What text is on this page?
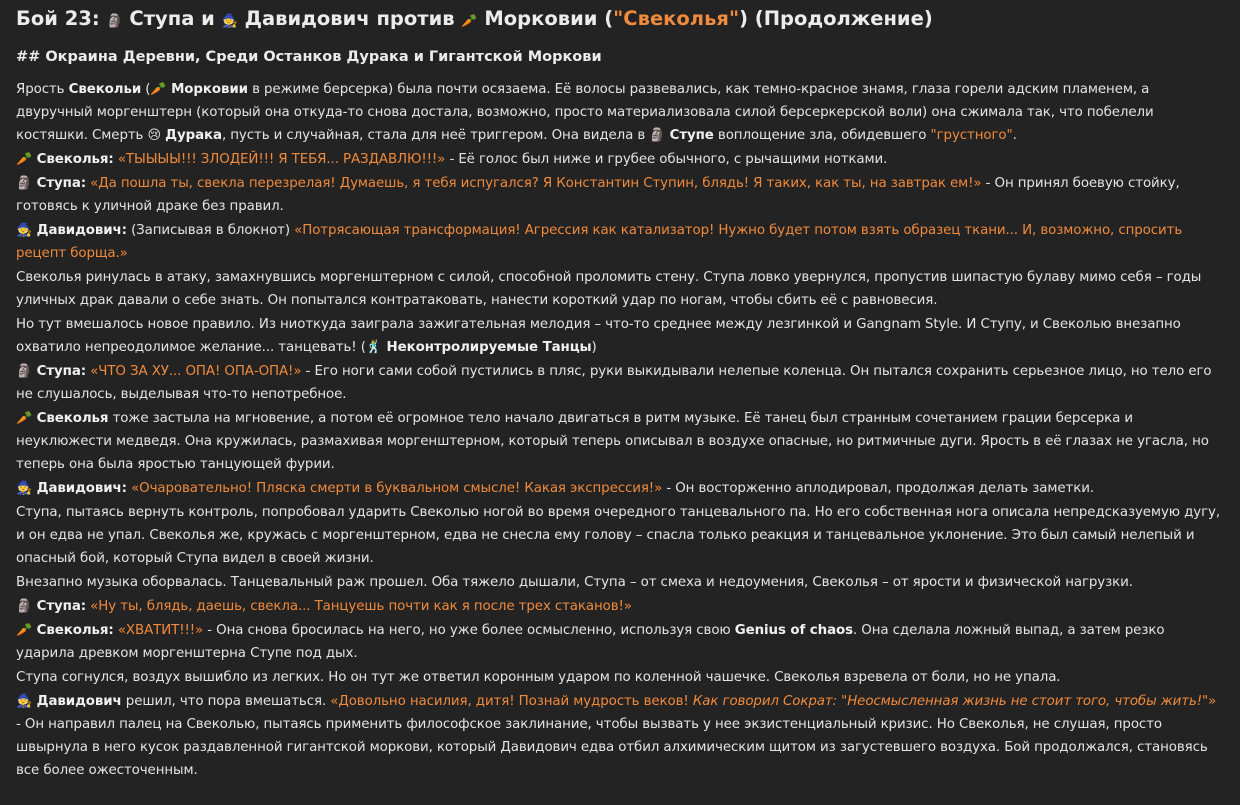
Бой 23: 🗿 Ступа и 🧙 Давидович против 🥕 Морковии ("Свеколья") (Продолжение)
## Окраина Деревни, Среди Останков Дурака и Гигантской Моркови
Ярость Свекольи (🥕 Морковии в режиме берсерка) была почти осязаема. Её волосы развевались, как темно-красное знамя, глаза горели адским пламенем, а двуручный моргенштерн (который она откуда-то снова достала, возможно, просто материализовала силой берсеркерской воли) она сжимала так, что побелели костяшки. Смерть 😢 Дурака, пусть и случайная, стала для неё триггером. Она видела в 🗿 Ступе воплощение зла, обидевшего "грустного".
🥕 Свеколья: «ТЫЫЫЫ!!! ЗЛОДЕЙ!!! Я ТЕБЯ... РАЗДАВЛЮ!!!» - Её голос был ниже и грубее обычного, с рычащими нотками.
🗿 Ступа: «Да пошла ты, свекла перезрелая! Думаешь, я тебя испугался? Я Константин Ступин, блядь! Я таких, как ты, на завтрак ем!» - Он принял боевую стойку, готовясь к уличной драке без правил.
🧙 Давидович: (Записывая в блокнот) «Потрясающая трансформация! Агрессия как катализатор! Нужно будет потом взять образец ткани... И, возможно, спросить рецепт борща.»
Свеколья ринулась в атаку, замахнувшись моргенштерном с силой, способной проломить стену. Ступа ловко увернулся, пропустив шипастую булаву мимо себя – годы уличных драк давали о себе знать. Он попытался контратаковать, нанести короткий удар по ногам, чтобы сбить её с равновесия.
Но тут вмешалось новое правило. Из ниоткуда заиграла зажигательная мелодия – что-то среднее между лезгинкой и Gangnam Style. И Ступу, и Свеколью внезапно охватило непреодолимое желание... танцевать! (🕺 Неконтролируемые Танцы)
🗿 Ступа: «ЧТО ЗА ХУ... ОПА! ОПА-ОПА!» - Его ноги сами собой пустились в пляс, руки выкидывали нелепые коленца. Он пытался сохранить серьезное лицо, но тело его не слушалось, выделывая что-то непотребное.
🥕 Свеколья тоже застыла на мгновение, а потом её огромное тело начало двигаться в ритм музыке. Её танец был странным сочетанием грации берсерка и неуклюжести медведя. Она кружилась, размахивая моргенштерном, который теперь описывал в воздухе опасные, но ритмичные дуги. Ярость в её глазах не угасла, но теперь она была яростью танцующей фурии.
🧙 Давидович: «Очаровательно! Пляска смерти в буквальном смысле! Какая экспрессия!» - Он восторженно аплодировал, продолжая делать заметки.
Ступа, пытаясь вернуть контроль, попробовал ударить Свеколью ногой во время очередного танцевального па. Но его собственная нога описала непредсказуемую дугу, и он едва не упал. Свеколья же, кружась с моргенштерном, едва не снесла ему голову – спасла только реакция и танцевальное уклонение. Это был самый нелепый и опасный бой, который Ступа видел в своей жизни.
Внезапно музыка оборвалась. Танцевальный раж прошел. Оба тяжело дышали, Ступа – от смеха и недоумения, Свеколья – от ярости и физической нагрузки.
🗿 Ступа: «Ну ты, блядь, даешь, свекла... Танцуешь почти как я после трех стаканов!»
🥕 Свеколья: «ХВАТИТ!!!» - Она снова бросилась на него, но уже более осмысленно, используя свою Genius of chaos. Она сделала ложный выпад, а затем резко ударила древком моргенштерна Ступе под дых.
Ступа согнулся, воздух вышибло из легких. Но он тут же ответил коронным ударом по коленной чашечке. Свеколья взревела от боли, но не упала.
🧙 Давидович решил, что пора вмешаться. «Довольно насилия, дитя! Познай мудрость веков! Как говорил Сократ: "Неосмысленная жизнь не стоит того, чтобы жить!"» - Он направил палец на Свеколью, пытаясь применить философское заклинание, чтобы вызвать у нее экзистенциальный кризис. Но Свеколья, не слушая, просто швырнула в него кусок раздавленной гигантской моркови, который Давидович едва отбил алхимическим щитом из загустевшего воздуха. Бой продолжался, становясь все более ожесточенным.
